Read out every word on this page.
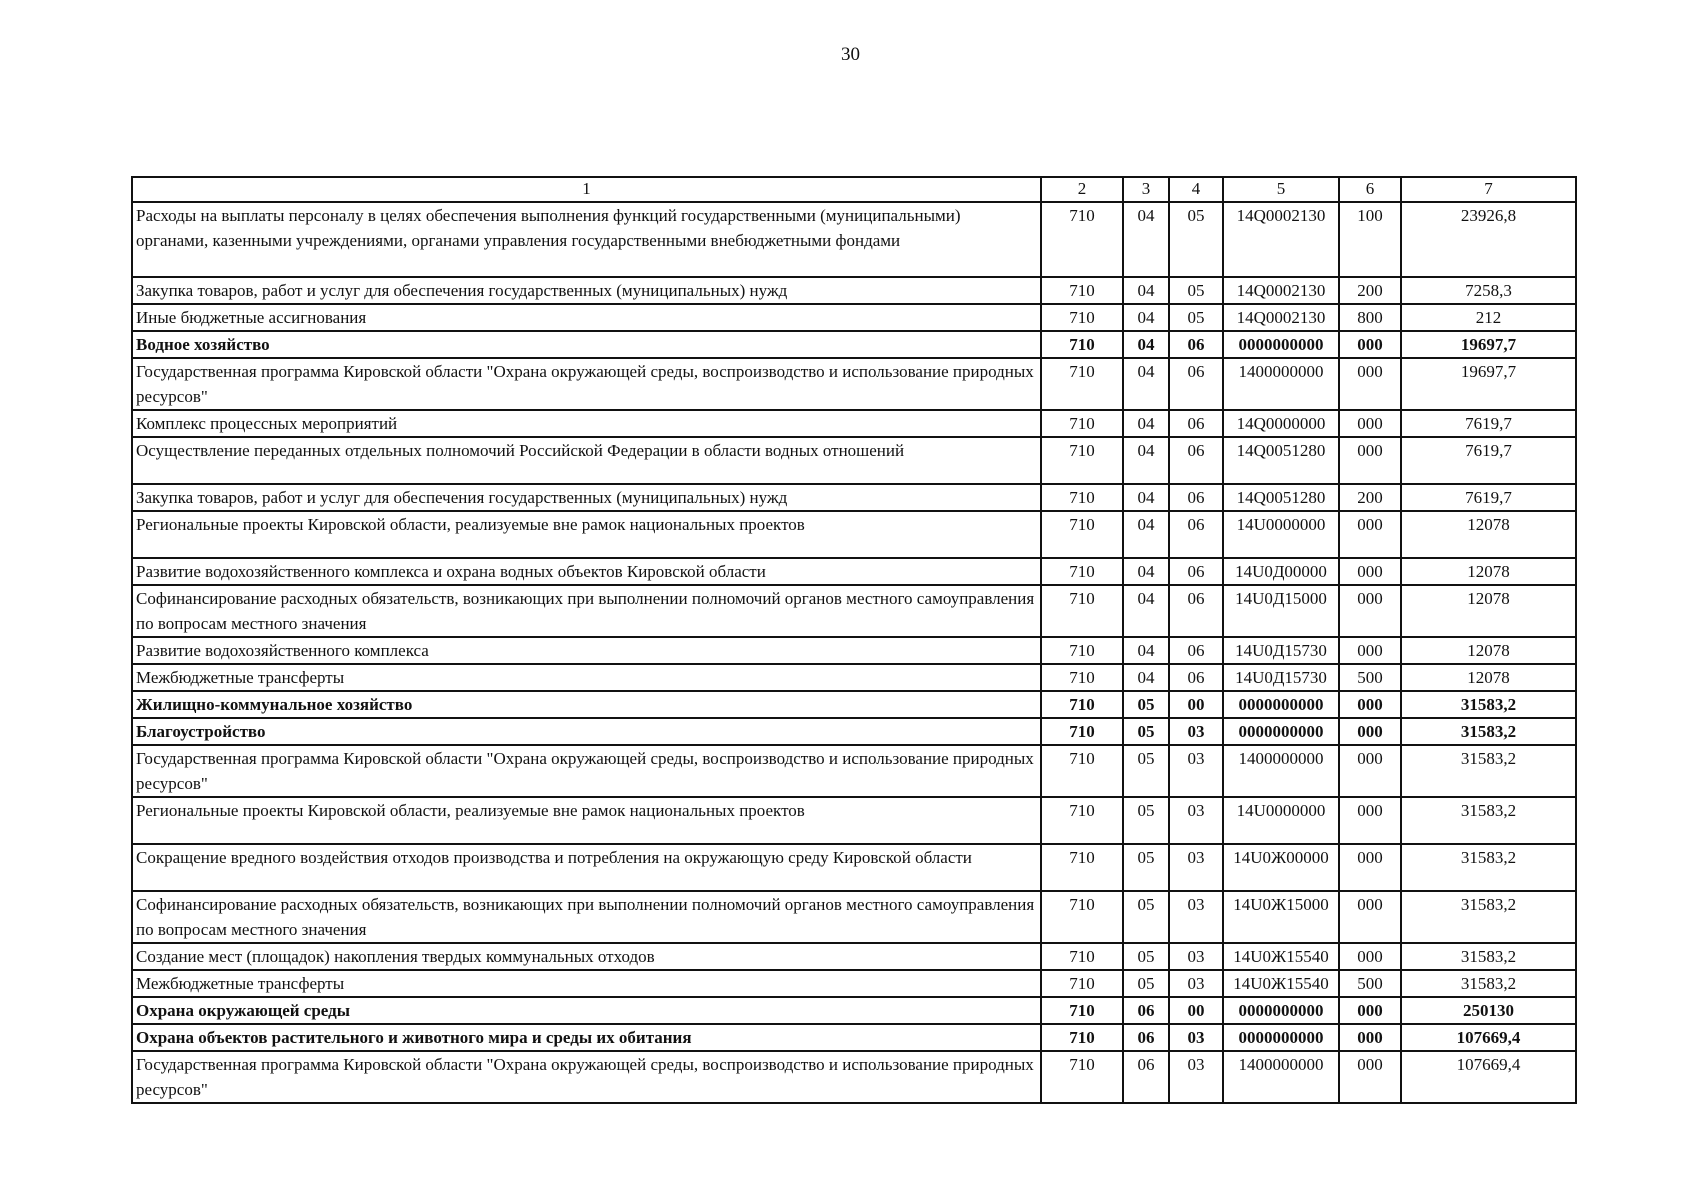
30
1	2	3	4	5	6	7
Расходы на выплаты персоналу в целях обеспечения выполнения функций государственными (муниципальными) органами, казенными учреждениями, органами управления государственными внебюджетными фондами	710	04	05	14Q0002130	100	23926,8
Закупка товаров, работ и услуг для обеспечения государственных (муниципальных) нужд	710	04	05	14Q0002130	200	7258,3
Иные бюджетные ассигнования	710	04	05	14Q0002130	800	212
Водное хозяйство	710	04	06	0000000000	000	19697,7
Государственная программа Кировской области "Охрана окружающей среды, воспроизводство и использование природных ресурсов"	710	04	06	1400000000	000	19697,7
Комплекс процессных мероприятий	710	04	06	14Q0000000	000	7619,7
Осуществление переданных отдельных полномочий Российской Федерации в области водных отношений	710	04	06	14Q0051280	000	7619,7
Закупка товаров, работ и услуг для обеспечения государственных (муниципальных) нужд	710	04	06	14Q0051280	200	7619,7
Региональные проекты Кировской области, реализуемые вне рамок национальных проектов	710	04	06	14U0000000	000	12078
Развитие водохозяйственного комплекса и охрана водных объектов Кировской области	710	04	06	14U0Д00000	000	12078
Софинансирование расходных обязательств, возникающих при выполнении полномочий органов местного самоуправления по вопросам местного значения	710	04	06	14U0Д15000	000	12078
Развитие водохозяйственного комплекса	710	04	06	14U0Д15730	000	12078
Межбюджетные трансферты	710	04	06	14U0Д15730	500	12078
Жилищно-коммунальное хозяйство	710	05	00	0000000000	000	31583,2
Благоустройство	710	05	03	0000000000	000	31583,2
Государственная программа Кировской области "Охрана окружающей среды, воспроизводство и использование природных ресурсов"	710	05	03	1400000000	000	31583,2
Региональные проекты Кировской области, реализуемые вне рамок национальных проектов	710	05	03	14U0000000	000	31583,2
Сокращение вредного воздействия отходов производства и потребления на окружающую среду Кировской области	710	05	03	14U0Ж00000	000	31583,2
Софинансирование расходных обязательств, возникающих при выполнении полномочий органов местного самоуправления по вопросам местного значения	710	05	03	14U0Ж15000	000	31583,2
Создание мест (площадок) накопления твердых коммунальных отходов	710	05	03	14U0Ж15540	000	31583,2
Межбюджетные трансферты	710	05	03	14U0Ж15540	500	31583,2
Охрана окружающей среды	710	06	00	0000000000	000	250130
Охрана объектов растительного и животного мира и среды их обитания	710	06	03	0000000000	000	107669,4
Государственная программа Кировской области "Охрана окружающей среды, воспроизводство и использование природных ресурсов"	710	06	03	1400000000	000	107669,4
